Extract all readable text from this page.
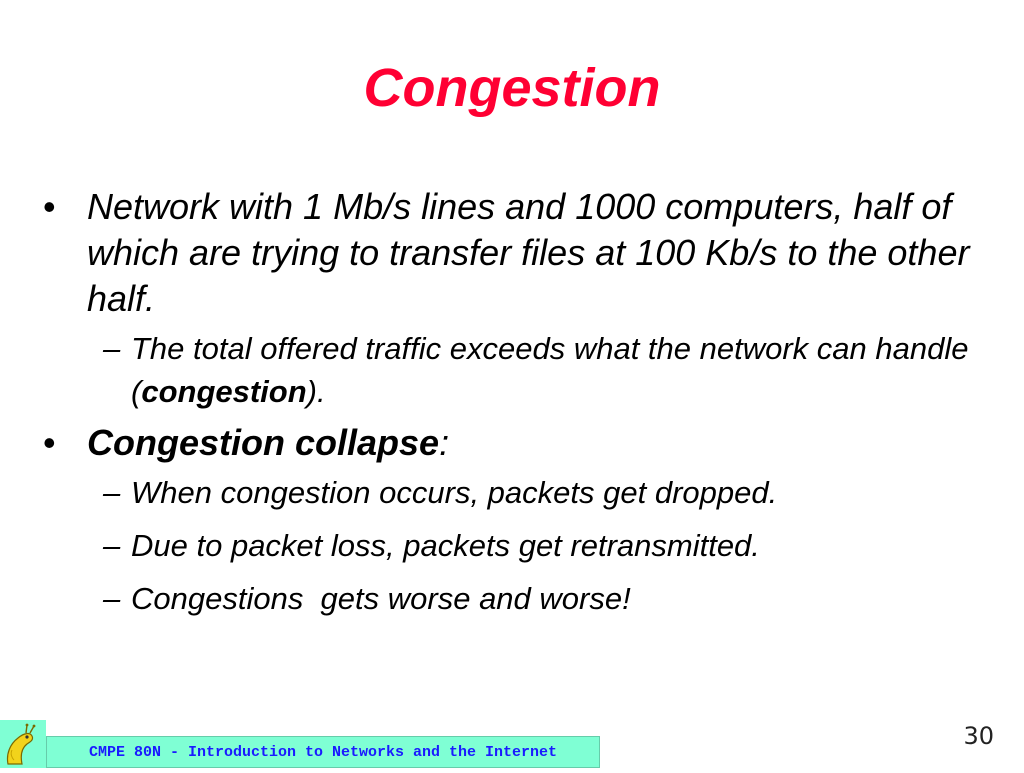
Congestion
• Network with 1 Mb/s lines and 1000 computers, half of which are trying to transfer files at 100 Kb/s to the other half.
– The total offered traffic exceeds what the network can handle (congestion).
• Congestion collapse:
– When congestion occurs, packets get dropped.
– Due to packet loss, packets get retransmitted.
– Congestions  gets worse and worse!
CMPE 80N - Introduction to Networks and the Internet
30
